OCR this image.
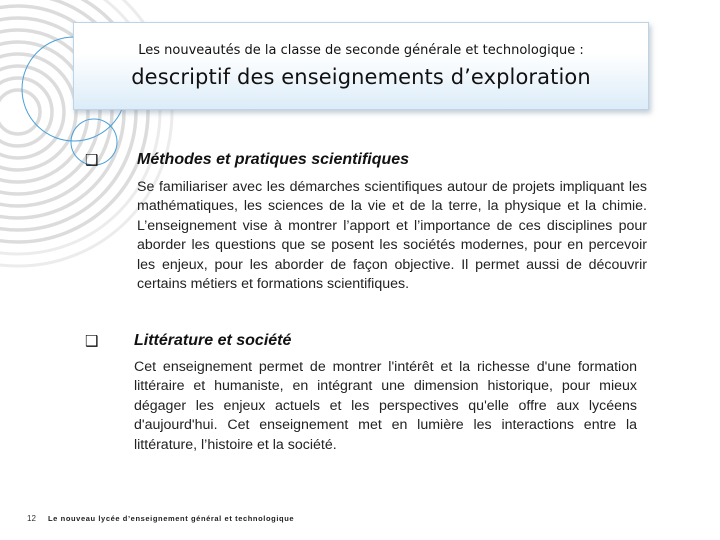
Les nouveautés de la classe de seconde générale et technologique :
descriptif des enseignements d’exploration
❑ Méthodes et pratiques scientifiques

Se familiariser avec les démarches scientifiques autour de projets impliquant les mathématiques, les sciences de la vie et de la terre, la physique et la chimie. L’enseignement vise à montrer l’apport et l’importance de ces disciplines pour aborder les questions que se posent les sociétés modernes, pour en percevoir les enjeux, pour les aborder de façon objective. Il permet aussi de découvrir certains métiers et formations scientifiques.

❑ Littérature et société

Cet enseignement permet de montrer l'intérêt et la richesse d'une formation littéraire et humaniste, en intégrant une dimension historique, pour mieux dégager les enjeux actuels et les perspectives qu'elle offre aux lycéens d'aujourd'hui. Cet enseignement met en lumière les interactions entre la littérature, l’histoire et la société.

12 Le nouveau lycée d’enseignement général et technologique
